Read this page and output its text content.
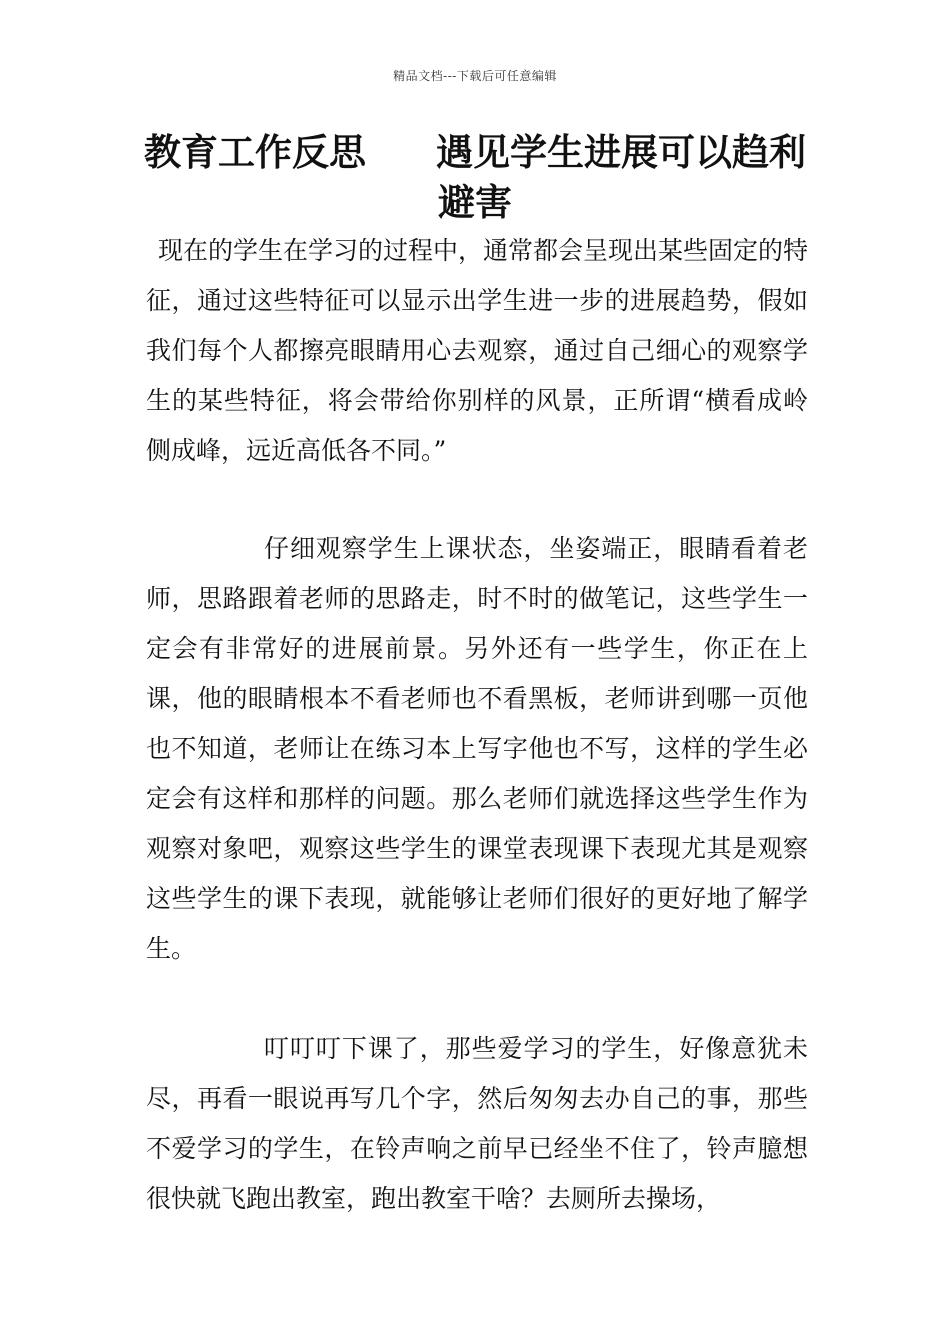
精品文档---下载后可任意编辑
教育工作反思 遇见学生进展可以趋利避害

现在的学生在学习的过程中，通常都会呈现出某些固定的特征，通过这些特征可以显示出学生进一步的进展趋势，假如我们每个人都擦亮眼睛用心去观察，通过自己细心的观察学生的某些特征，将会带给你别样的风景，正所谓“横看成岭侧成峰，远近高低各不同。”

仔细观察学生上课状态，坐姿端正，眼睛看着老师，思路跟着老师的思路走，时不时的做笔记，这些学生一定会有非常好的进展前景。另外还有一些学生，你正在上课，他的眼睛根本不看老师也不看黑板，老师讲到哪一页他也不知道，老师让在练习本上写字他也不写，这样的学生必定会有这样和那样的问题。那么老师们就选择这些学生作为观察对象吧，观察这些学生的课堂表现课下表现尤其是观察这些学生的课下表现，就能够让老师们很好的更好地了解学生。

叮叮叮下课了，那些爱学习的学生，好像意犹未尽，再看一眼说再写几个字，然后匆匆去办自己的事，那些不爱学习的学生，在铃声响之前早已经坐不住了，铃声臆想很快就飞跑出教室，跑出教室干啥？去厕所去操场，
